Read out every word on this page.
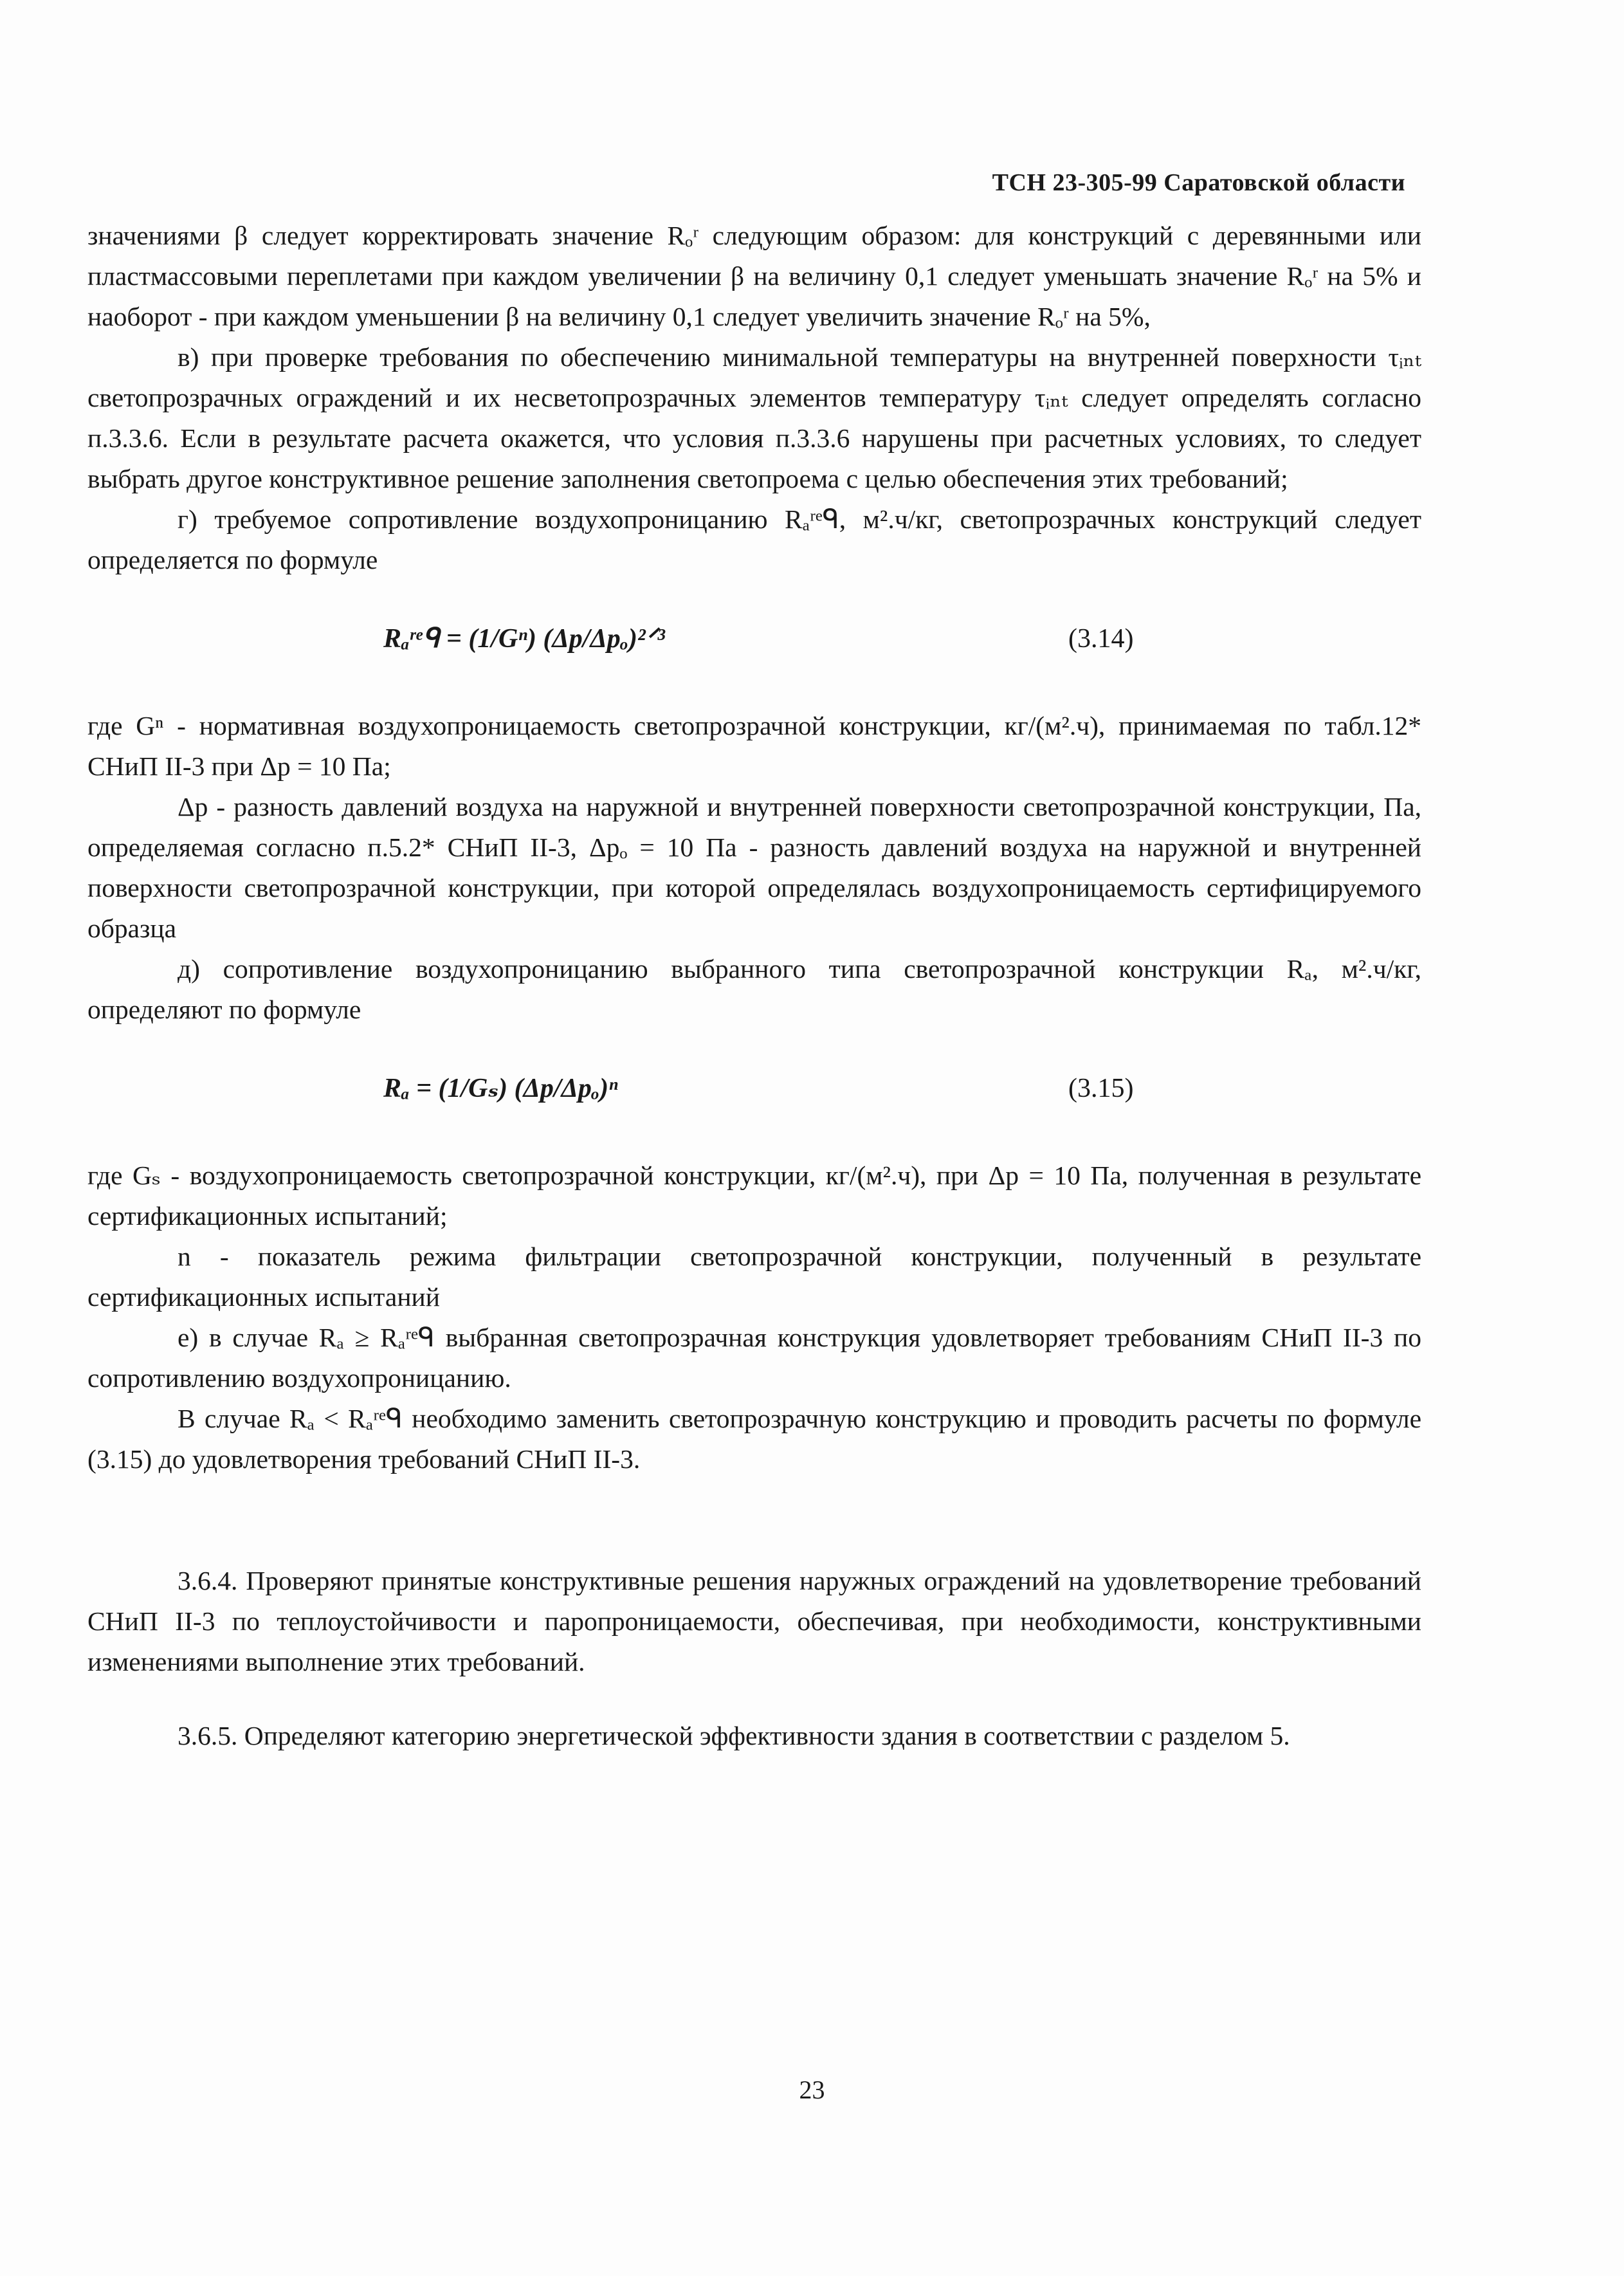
ТСН 23-305-99 Саратовской области

значениями β следует корректировать значение Rₒʳ следующим образом: для конструкций с деревянными или пластмассовыми переплетами при каждом увеличении β на величину 0,1 следует уменьшать значение Rₒʳ на 5% и наоборот - при каждом уменьшении β на величину 0,1 следует увеличить значение Rₒʳ на 5%,

в) при проверке требования по обеспечению минимальной температуры на внутренней поверхности τᵢₙₜ светопрозрачных ограждений и их несветопрозрачных элементов температуру τᵢₙₜ следует определять согласно п.3.3.6. Если в результате расчета окажется, что условия п.3.3.6 нарушены при расчетных условиях, то следует выбрать другое конструктивное решение заполнения светопроема с целью обеспечения этих требований;

г) требуемое сопротивление воздухопроницанию Rₐʳᵉᑫ, м².ч/кг, светопрозрачных конструкций следует определяется по формуле

Rₐʳᵉᑫ = (1/Gⁿ) (Δp/Δpₒ)²ᐟ³	(3.14)

где Gⁿ - нормативная воздухопроницаемость светопрозрачной конструкции, кг/(м².ч), принимаемая по табл.12* СНиП II-3 при Δp = 10 Па;

Δp - разность давлений воздуха на наружной и внутренней поверхности светопрозрачной конструкции, Па, определяемая согласно п.5.2* СНиП II-3, Δpₒ = 10 Па - разность давлений воздуха на наружной и внутренней поверхности светопрозрачной конструкции, при которой определялась воздухопроницаемость сертифицируемого образца

д) сопротивление воздухопроницанию выбранного типа светопрозрачной конструкции Rₐ, м².ч/кг, определяют по формуле

Rₐ = (1/Gₛ) (Δp/Δpₒ)ⁿ	(3.15)

где Gₛ - воздухопроницаемость светопрозрачной конструкции, кг/(м².ч), при Δp = 10 Па, полученная в результате сертификационных испытаний;

n - показатель режима фильтрации светопрозрачной конструкции, полученный в результате сертификационных испытаний

е) в случае Rₐ ≥ Rₐʳᵉᑫ выбранная светопрозрачная конструкция удовлетворяет требованиям СНиП II-3 по сопротивлению воздухопроницанию.

В случае Rₐ < Rₐʳᵉᑫ необходимо заменить светопрозрачную конструкцию и проводить расчеты по формуле (3.15) до удовлетворения требований СНиП II-3.

3.6.4. Проверяют принятые конструктивные решения наружных ограждений на удовлетворение требований СНиП II-3 по теплоустойчивости и паропроницаемости, обеспечивая, при необходимости, конструктивными изменениями выполнение этих требований.

3.6.5. Определяют категорию энергетической эффективности здания в соответствии с разделом 5.

23
